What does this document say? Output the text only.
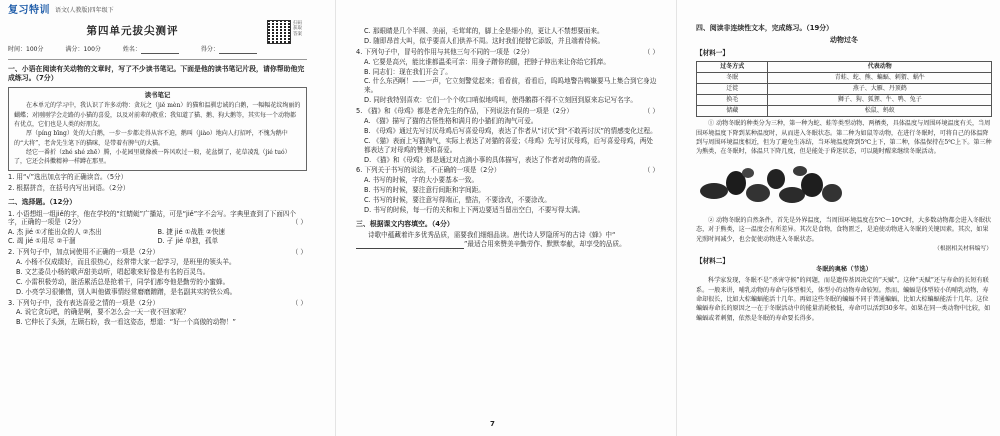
复习特训 语文(人教版)四年级下
第四单元拔尖测评
扫码获取答案
时间：100分	满分：100分	姓名：	得分：
一、小语在阅读有关动物的文章时，写了不少读书笔记。下面是他的读书笔记片段，请你帮助他完成练习。（7分）
读书笔记
在本单元的学习中，我认识了许多动物：贪玩之（jiě mèn）的猫和温驯忠诚的白鹅，一幅幅花纹绚丽的蝴蝶；对刚刚学会走路的小猫的喜爱，以及对前辈的敬重；我知道了猫、鹅、狗大鹅等，其实每一个动物都有优点，它们也是人类的好朋友。
厚（píng bīng）处的大白鹅，一步一步都走得从容不迫，鹅叫（jiào）地向人打招呼，不愧为鹅中的“大将”，老舍先生笔下的猫咪，是带着有脾气的大猫。
经它一番折（zhé shé zhē）腾，小花园里就像被一阵风吹过一般，花盆倒了，花草凌乱（jié tuó）了，它还会抖擞精神一样蹲在那里。
1. 用“√”选出加点字的正确读音。（5分）
2. 根据拼音，在括号内写出词语。（2分）
二、选择题。（12分）
1. 小语想组一组jiě的字，他在学校的“红蜻蜓”广播站，可是“jiě”字不会写。字典里查到了下面四个字，正确的一项是（2分）	（ ）
A. 杰 jié ①才能出众的人 ②杰出	B. 捷 jié ①战胜 ②快速
C. 竭 jié ①用尽 ②干涸	D. 孑 jié 单独，孤单
2. 下列句子中，加点词使用不正确的一项是（2分）	（ ）
A. 小杨不仅成绩好，而且很热心，经常带大家一起学习，是班里的领头羊。
B. 文艺委员小杨的歌声甜美动听，唱起歌来好像是有名的百灵鸟。
C. 小雷积极劳动，脏活累活总是抢着干，同学们都夸他是勤劳的小蜜蜂。
D. 小亮学习很懒惰，别人叫他做事情经常磨磨蹭蹭，是名副其实的铁公鸡。
3. 下列句子中，没有表达喜爱之情的一项是（2分）	（ ）
A. 说它贪玩吧，的确是啊，要不怎么会一天一夜不回家呢？
B. 它伸长了头颈，左顾右盼，我一看这姿态，想道：“好一个高傲的动物！”
C. 那眼睛是几个半圆、美丽，毛茸茸的，脚上全是细小的，更让人不禁想要面来。
D. 随即昂首大叫，似乎要喜人们供养不周。这时我们便替它添饭，并且端着侍候。
4. 下列句子中，冒号的作用与其他三句不同的一项是（2分）	（ ）
A. 它要是高兴，能比谁都温柔可亲：用身子蹭你的腿，把脖子伸出来让你给它抓痒。
B. 同志们：现在我们开会了。
C. 什么东西啊！——一声，它立刻警觉起来；看看前，看看后，呜呜地警告鸭嫌要马上集合到它身边来。
D. 同时我特别喜欢：它们一个个吹口哨似地鸣叫，使得鹅群不得不立刻回到原来忘记写名字。
5. 《猫》和《母鸡》都是老舍先生的作品，下列说法有误的一项是（2分）	（ ）
A. 《猫》描写了猫的古怪性格和满月的小猫们的淘气可爱。
B. 《母鸡》通过先写讨厌母鸡后写喜爱母鸡，表达了作者从“讨厌”到“不敢再讨厌”的情感变化过程。
C. 《猫》表面上写猫淘气，实际上表达了对猫的喜爱；《母鸡》先写讨厌母鸡，后写喜爱母鸡，两处都表达了对母鸡的赞美和喜爱。
D. 《猫》和《母鸡》都是通过对点滴小事的具体描写，表达了作者对动物的喜爱。
6. 下列关于书写的说法，不正确的一项是（2分）	（ ）
A. 书写的时候，字的大小要基本一致。
B. 书写的时候，要注意行间距和字间距。
C. 书写的时候，要注意写得端正，整洁，不要涂改，不要涂改。
D. 书写的时候，每一行的关和和上下两边要适当留出空白，不要写得太满。
三、根据课文内容填空。（4分）
诗歌中蕴藏着许多优秀品质，需要我们细细品读。唐代诗人罗隐所写的古诗《蜂》中“”最适合用来赞美辛勤劳作、默默奉献，却享受的品质。
四、阅读非连续性文本，完成练习。（19分）
动物过冬
【材料一】
过冬方式	代表动物
冬眠	青蛙、蛇、熊、蝙蝠、刺猬、蜗牛
迁徙	燕子、大雁、丹顶鹤
换毛	狮子、狗、狐狸、牛、鸭、兔子
储藏	松鼠、蚂蚁
① 动物冬眠的种类分为三种，第一种为蛇、蛙等类型动物、两栖类，具体温度与周围环境温度有关，当周围环境温度下降到某种温度时，从而进入冬眠状态。第二种为如鼠等动物，在进行冬眠时，可将自己的体温降到与周围环境温度相近，但为了避免生冻结，当环境温度降到5℃上下，第二种，体温保持在5℃上下。第三种为熊类，在冬眠时，体温只下降几度，但是能处于昏迷状态，可以随时醒来继续冬眠活动。
② 动物冬眠的自然条件，首先是外界温度，当周围环境温度在5℃～10℃时，大多数动物都会进入冬眠状态，对于熊类，这一温度会有所差异。其次是食物，食物匮乏，是迫使动物进入冬眠的关键因素。其次，如果光照时间减少，也会促使动物进入冬眠状态。
（根据相关材料编写）
【材料二】
冬眠的奥秘（节选）
科学家发现，冬眠不是“杀害守候”的问题，而是遗传基因决定的“天赋”。这种“天赋”还与寿命的长短有联系。一般来讲，哺乳动物的寿命与体型相关，体型小的动物寿命较短。然而，蝙蝠是体型较小的哺乳动物，寿命却很长，比如大棕蝙蝠能活十几年。再如这些冬眠的蝙蝠不同于普通蝙蝠，比如大棕蝙蝠能活十几年。这位蝙蝠寿命长的原因之一在于冬眠活动中的能量消耗极低，寿命可以活到30多年。如果在同一类动物中比较，如蝙蝠或者刺猬，依然是冬眠的寿命要长得多。
7
